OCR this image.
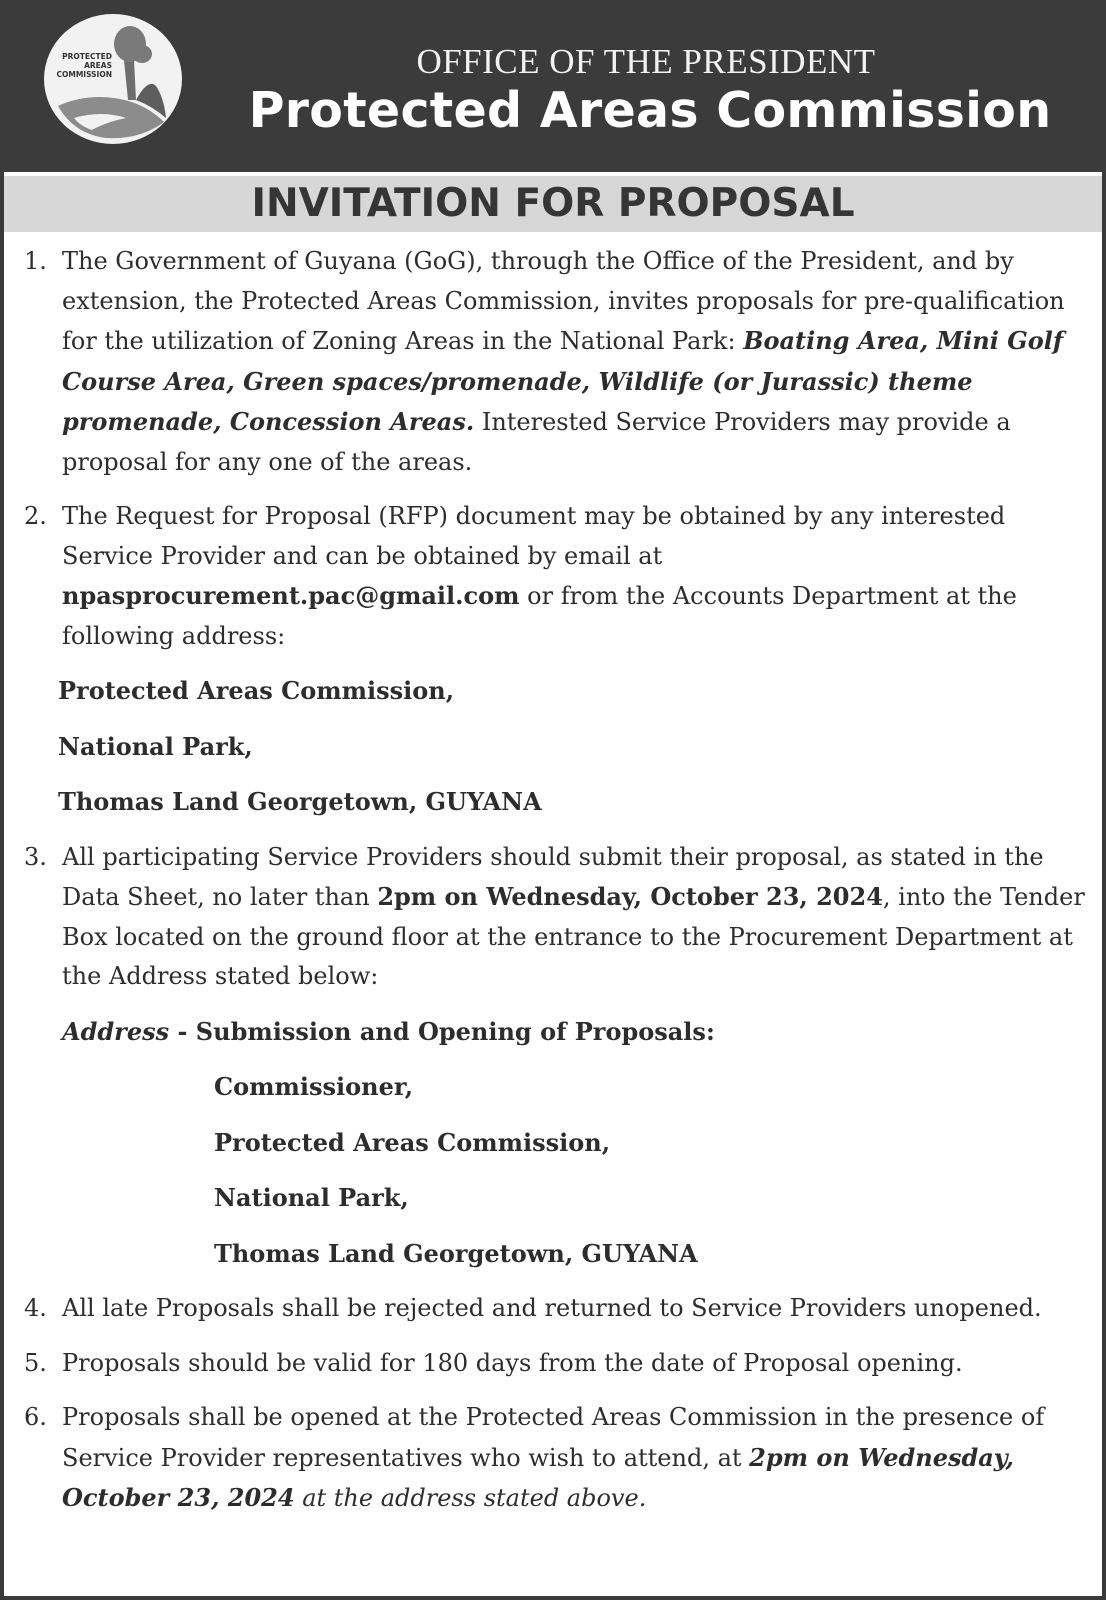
PROTECTED AREAS COMMISSION	OFFICE OF THE PRESIDENT
Protected Areas Commission
INVITATION FOR PROPOSAL
1. The Government of Guyana (GoG), through the Office of the President, and by extension, the Protected Areas Commission, invites proposals for pre-qualification for the utilization of Zoning Areas in the National Park: Boating Area, Mini Golf Course Area, Green spaces/promenade, Wildlife (or Jurassic) theme promenade, Concession Areas. Interested Service Providers may provide a proposal for any one of the areas.

2. The Request for Proposal (RFP) document may be obtained by any interested Service Provider and can be obtained by email at npasprocurement.pac@gmail.com or from the Accounts Department at the following address:

Protected Areas Commission,

National Park,

Thomas Land Georgetown, GUYANA

3. All participating Service Providers should submit their proposal, as stated in the Data Sheet, no later than 2pm on Wednesday, October 23, 2024, into the Tender Box located on the ground floor at the entrance to the Procurement Department at the Address stated below:

Address - Submission and Opening of Proposals:

Commissioner,

Protected Areas Commission,

National Park,

Thomas Land Georgetown, GUYANA

4. All late Proposals shall be rejected and returned to Service Providers unopened.

5. Proposals should be valid for 180 days from the date of Proposal opening.

6. Proposals shall be opened at the Protected Areas Commission in the presence of Service Provider representatives who wish to attend, at 2pm on Wednesday, October 23, 2024 at the address stated above.
